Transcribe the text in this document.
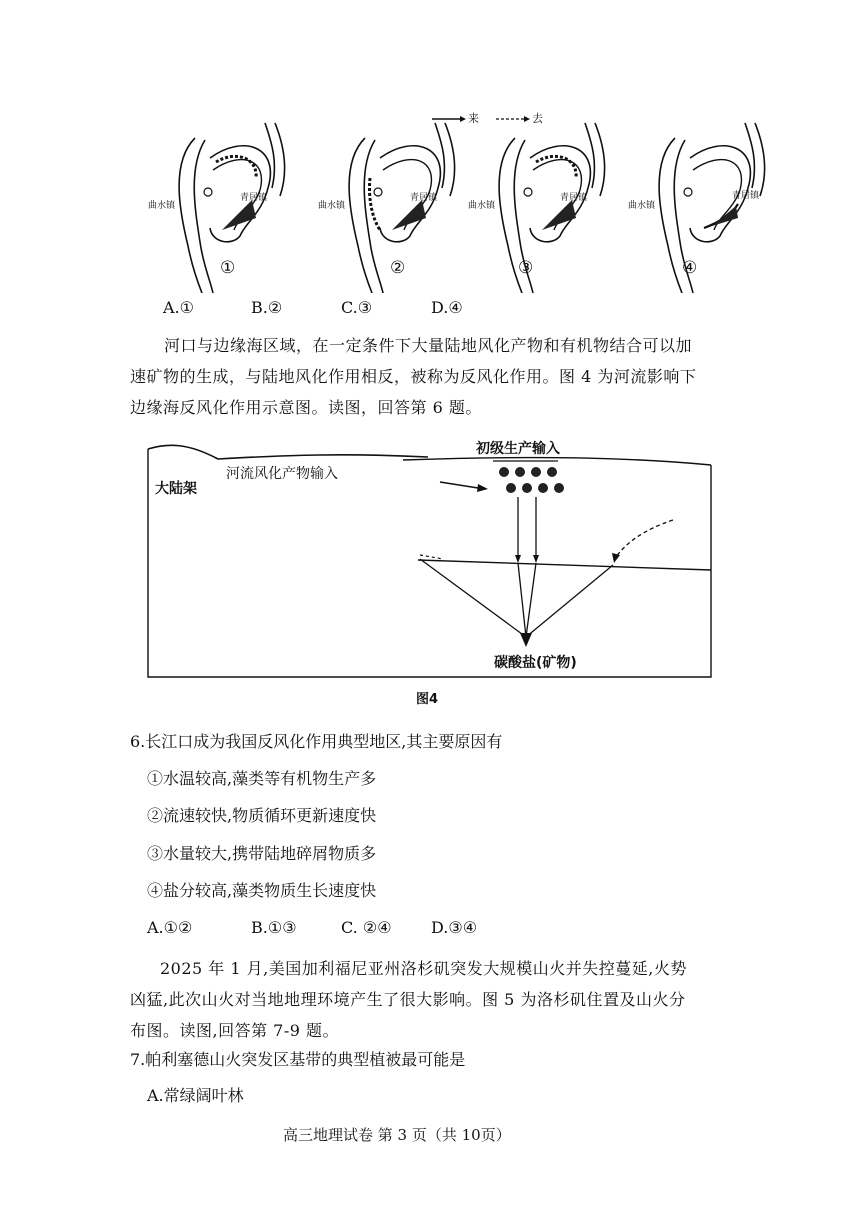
来	去
曲水镇
青居镇
①
曲水镇
青居镇
②
曲水镇
青居镇
③
曲水镇
青居镇
④
A.①	B.②	C.③	D.④
河口与边缘海区域，在一定条件下大量陆地风化产物和有机物结合可以加
速矿物的生成，与陆地风化作用相反，被称为反风化作用。图 4 为河流影响下
边缘海反风化作用示意图。读图，回答第 6 题。
大陆架
河流风化产物输入
初级生产输入
碳酸盐(矿物)
图4
6.长江口成为我国反风化作用典型地区,其主要原因有
①水温较高,藻类等有机物生产多
②流速较快,物质循环更新速度快
③水量较大,携带陆地碎屑物质多
④盐分较高,藻类物质生长速度快
A.①②	B.①③	C. ②④ D.③④
2025 年 1 月,美国加利福尼亚州洛杉矶突发大规模山火并失控蔓延,火势
凶猛,此次山火对当地地理环境产生了很大影响。图 5 为洛杉矶住置及山火分
布图。读图,回答第 7-9 题。
7.帕利塞德山火突发区基带的典型植被最可能是
A.常绿阔叶林
高三地理试卷 第 3 页（共 10页）
